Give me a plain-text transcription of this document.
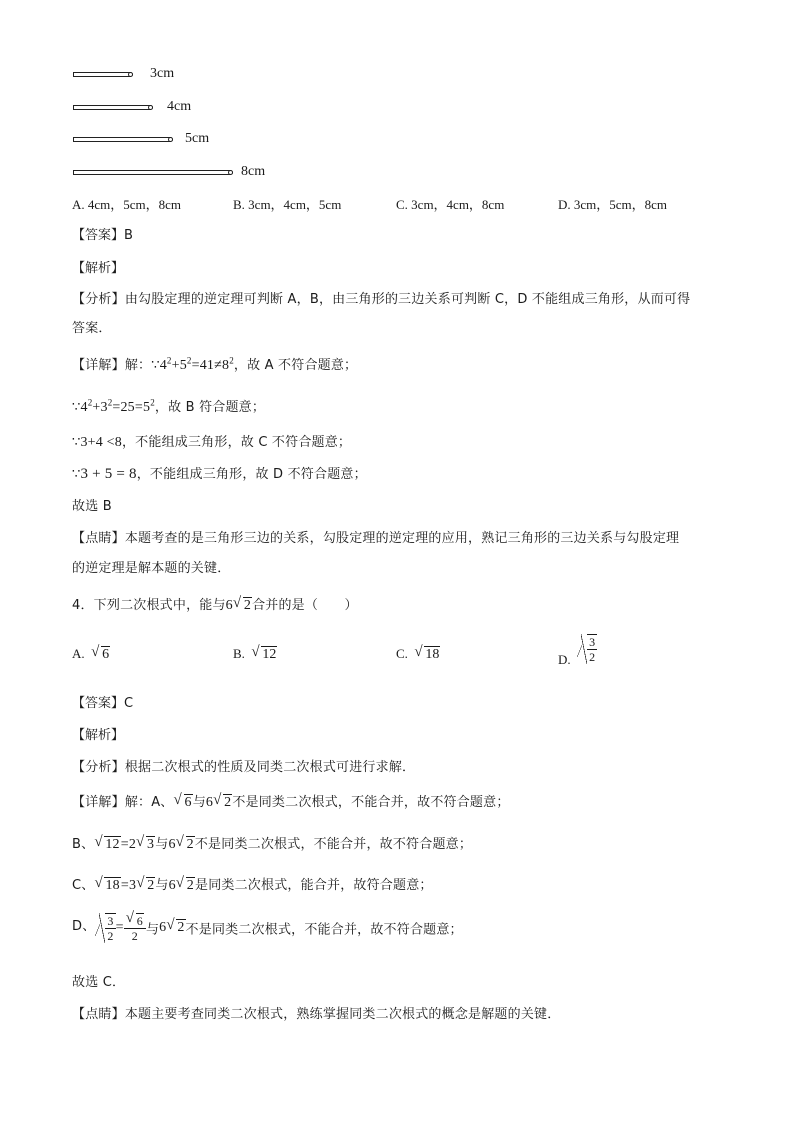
3cm
4cm
5cm
8cm
A. 4cm，5cm，8cm	B. 3cm，4cm，5cm	C. 3cm，4cm，8cm	D. 3cm，5cm，8cm
【答案】B
【解析】
【分析】由勾股定理的逆定理可判断 A，B，由三角形的三边关系可判断 C，D 不能组成三角形，从而可得
答案．
【详解】解：$\because 4^2+5^2=41\ne 8^2$，故 A 不符合题意；
$\because 4^2+3^2=25=5^2$，故 B 符合题意；
∵3+4 <8，不能组成三角形，故 C 不符合题意；
∵3 + 5 = 8，不能组成三角形，故 D 不符合题意；
故选 B
【点睛】本题考查的是三角形三边的关系，勾股定理的逆定理的应用，熟记三角形的三边关系与勾股定理
的逆定理是解本题的关键．
4．下列二次根式中，能与6 √ 2合并的是（　　）
A. √ 6	B. √ 12	C. √ 18	D. $\frac{3}{2}$
【答案】C
【解析】
【分析】根据二次根式的性质及同类二次根式可进行求解．
【详解】解：A、 √ 6与6 √ 2不是同类二次根式，不能合并，故不符合题意；
B、 √ 12=2 √ 3与6 √ 2不是同类二次根式，不能合并，故不符合题意；
C、 √ 18=3 √ 2与6 √ 2是同类二次根式，能合并，故符合题意；
D、 $\frac{3}{2}$ = √ $\frac{6}{2}$ 与6 √ 2不是同类二次根式，不能合并，故不符合题意；
故选 C．
【点睛】本题主要考查同类二次根式，熟练掌握同类二次根式的概念是解题的关键．
